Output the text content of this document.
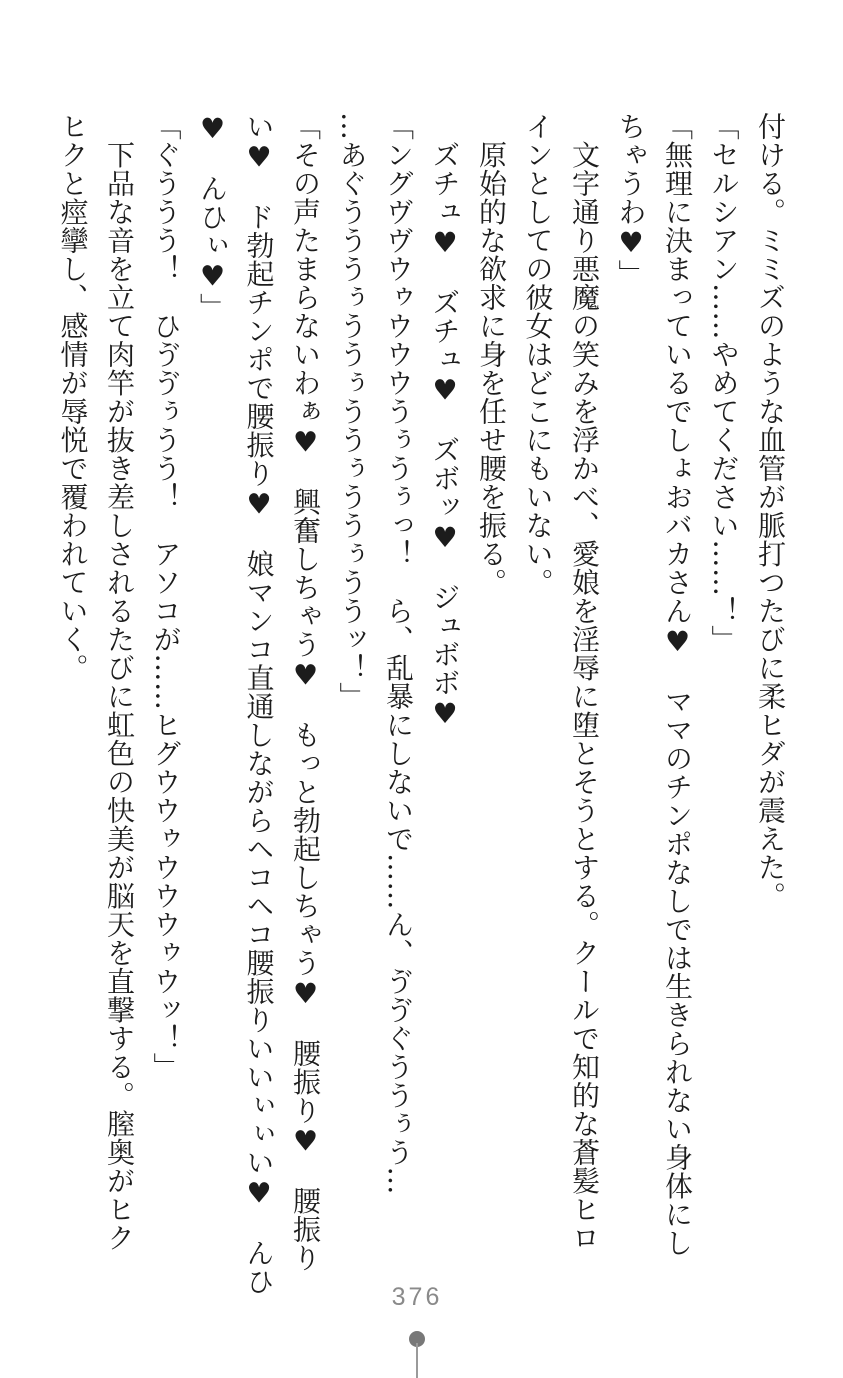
付ける。ミミズのような血管が脈打つたびに柔ヒダが震えた。

「セルシアン……やめてください……！」

「無理に決まっているでしょおバカさん♥　ママのチンポなしでは生きられない身体にし

ちゃうわ♥」

　文字通り悪魔の笑みを浮かべ、愛娘を淫辱に堕とそうとする。クールで知的な蒼髪ヒロ

インとしての彼女はどこにもいない。

　原始的な欲求に身を任せ腰を振る。

　ズチュ♥　ズチュ♥　ズボッ♥　ジュボボ♥

「ングヴヴウゥウウウうぅうぅっ！　ら、乱暴にしないで……ん、ゔゔぐううぅう…

…あぐうううぅううぅううぅううぅううッ！」

「その声たまらないわぁ♥　興奮しちゃう♥　もっと勃起しちゃう♥　腰振り♥　腰振り

い♥　ド勃起チンポで腰振り♥　娘マンコ直通しながらヘコヘコ腰振りいいぃぃい♥　んひ

♥　んひぃ♥」

「ぐううう！　ひゔゔぅうう！　アソコが……ヒグウウゥウウウゥウッ！」

　下品な音を立て肉竿が抜き差しされるたびに虹色の快美が脳天を直撃する。膣奥がヒク

ヒクと痙攣し、感情が辱悦で覆われていく。

376
